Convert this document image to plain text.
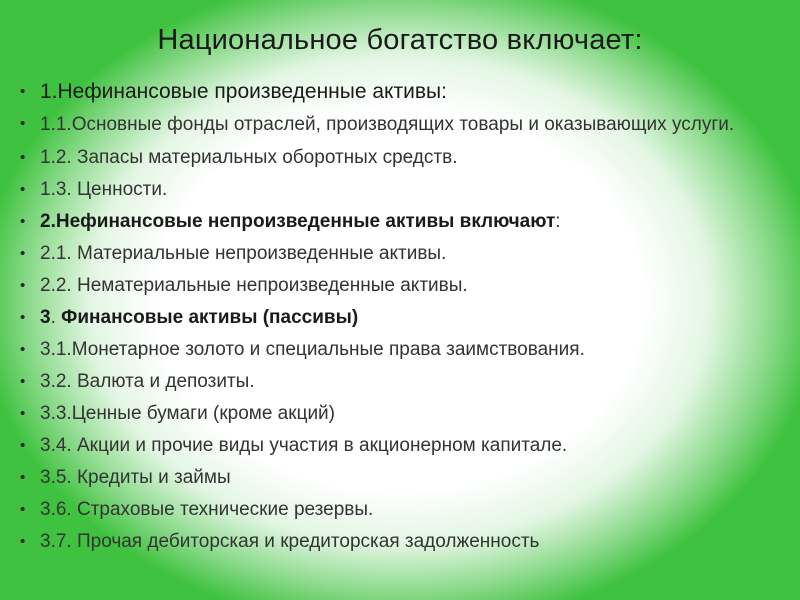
Национальное богатство включает:
• 1.Нефинансовые произведенные активы:
• 1.1.Основные фонды отраслей, производящих товары и оказывающих услуги.
• 1.2. Запасы материальных оборотных средств.
• 1.3. Ценности.
• 2.Нефинансовые непроизведенные активы включают:
• 2.1. Материальные непроизведенные активы.
• 2.2. Нематериальные непроизведенные активы.
• 3. Финансовые активы (пассивы)
• 3.1.Монетарное золото и специальные права заимствования.
• 3.2. Валюта и депозиты.
• 3.3.Ценные бумаги (кроме акций)
• 3.4. Акции и прочие виды участия в акционерном капитале.
• 3.5. Кредиты и займы
• 3.6. Страховые технические резервы.
• 3.7. Прочая дебиторская и кредиторская задолженность
